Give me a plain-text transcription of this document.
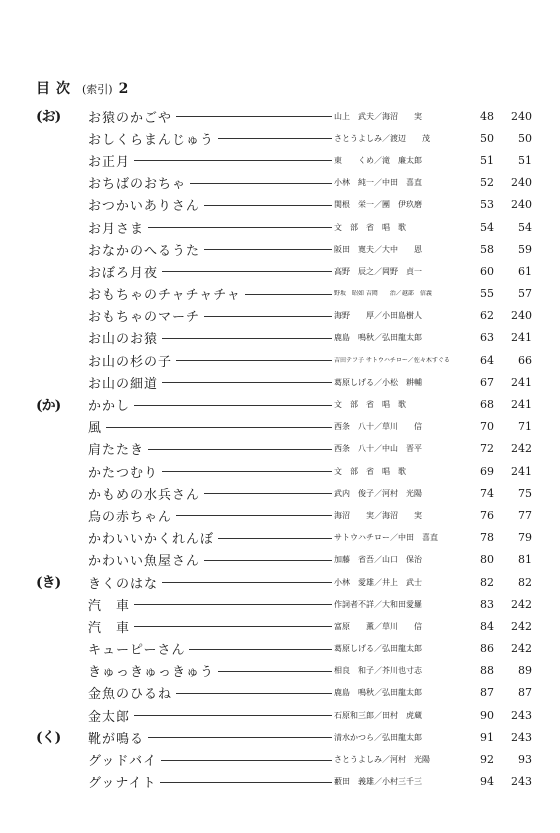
目次 (索引) 2
(お)	お猿のかごや	山上　武夫／海沼　　実	48	240
おしくらまんじゅう	さとうよしみ／渡辺　　茂	50	50
お正月	東　　くめ／滝　廉太郎	51	51
おちばのおちゃ	小林　純一／中田　喜直	52	240
おつかいありさん	関根　栄一／團　伊玖磨	53	240
お月さま	文　部　省　唱　歌	54	54
おなかのへるうた	阪田　寛夫／大中　　恩	58	59
おぼろ月夜	高野　辰之／岡野　貞一	60	61
おもちゃのチャチャチャ	野坂　昭如 吉岡　　治／越部　信義	55	57
おもちゃのマーチ	海野　　厚／小田島樹人	62	240
お山のお猿	鹿島　鳴秋／弘田龍太郎	63	241
お山の杉の子	吉田テフ子 サトウハチロー／佐々木すぐる	64	66
お山の細道	葛原しげる／小松　耕輔	67	241
(か)	かかし	文　部　省　唱　歌	68	241
風	西条　八十／草川　　信	70	71
肩たたき	西条　八十／中山　晋平	72	242
かたつむり	文　部　省　唱　歌	69	241
かもめの水兵さん	武内　俊子／河村　光陽	74	75
烏の赤ちゃん	海沼　　実／海沼　　実	76	77
かわいいかくれんぼ	サトウハチロー／中田　喜直	78	79
かわいい魚屋さん	加藤　省吾／山口　保治	80	81
(き)	きくのはな	小林　愛雄／井上　武士	82	82
汽　車	作詞者不詳／大和田愛羅	83	242
汽　車	富原　　薫／草川　　信	84	242
キューピーさん	葛原しげる／弘田龍太郎	86	242
きゅっきゅっきゅう	相良　和子／芥川也寸志	88	89
金魚のひるね	鹿島　鳴秋／弘田龍太郎	87	87
金太郎	石原和三郎／田村　虎蔵	90	243
(く)	靴が鳴る	清水かつら／弘田龍太郎	91	243
グッドバイ	さとうよしみ／河村　光陽	92	93
グッナイト	藪田　義雄／小村三千三	94	243
